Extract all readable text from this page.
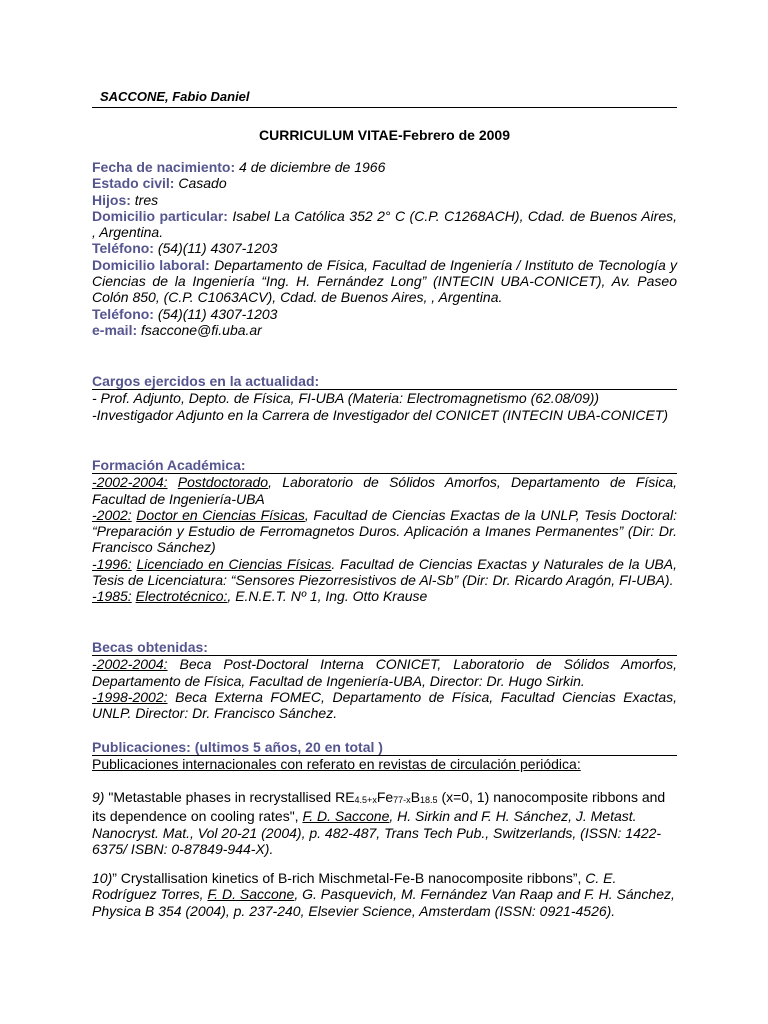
SACCONE, Fabio Daniel
CURRICULUM VITAE-Febrero de 2009

Fecha de nacimiento: 4 de diciembre de 1966

Estado civil: Casado

Hijos: tres

Domicilio particular: Isabel La Católica 352 2° C (C.P. C1268ACH), Cdad. de Buenos Aires, , Argentina.

Teléfono: (54)(11) 4307-1203

Domicilio laboral: Departamento de Física, Facultad de Ingeniería / Instituto de Tecnología y Ciencias de la Ingeniería “Ing. H. Fernández Long” (INTECIN UBA-CONICET), Av. Paseo Colón 850, (C.P. C1063ACV), Cdad. de Buenos Aires, , Argentina.

Teléfono: (54)(11) 4307-1203

e-mail: fsaccone@fi.uba.ar

Cargos ejercidos en la actualidad:

- Prof. Adjunto, Depto. de Física, FI-UBA (Materia: Electromagnetismo (62.08/09))

-Investigador Adjunto en la Carrera de Investigador del CONICET (INTECIN UBA-CONICET)

Formación Académica:

-2002-2004: Postdoctorado, Laboratorio de Sólidos Amorfos, Departamento de Física, Facultad de Ingeniería-UBA

-2002: Doctor en Ciencias Físicas, Facultad de Ciencias Exactas de la UNLP, Tesis Doctoral: “Preparación y Estudio de Ferromagnetos Duros. Aplicación a Imanes Permanentes” (Dir: Dr. Francisco Sánchez)

-1996: Licenciado en Ciencias Físicas. Facultad de Ciencias Exactas y Naturales de la UBA, Tesis de Licenciatura: “Sensores Piezorresistivos de Al-Sb” (Dir: Dr. Ricardo Aragón, FI-UBA).

-1985: Electrotécnico:, E.N.E.T. Nº 1, Ing. Otto Krause

Becas obtenidas:

-2002-2004: Beca Post-Doctoral Interna CONICET, Laboratorio de Sólidos Amorfos, Departamento de Física, Facultad de Ingeniería-UBA, Director: Dr. Hugo Sirkin.

-1998-2002: Beca Externa FOMEC, Departamento de Física, Facultad Ciencias Exactas, UNLP. Director: Dr. Francisco Sánchez.

Publicaciones: (ultimos 5 años, 20 en total )

Publicaciones internacionales con referato en revistas de circulación periódica:

9) "Metastable phases in recrystallised $RE_{4.5+x}Fe_{77-x}B_{18.5}$ (x=0, 1) nanocomposite ribbons and its dependence on cooling rates", F. D. Saccone, H. Sirkin and F. H. Sánchez, J. Metast. Nanocryst. Mat., Vol 20-21 (2004), p. 482-487, Trans Tech Pub., Switzerlands, (ISSN: 1422-6375/ ISBN: 0-87849-944-X).

10)” Crystallisation kinetics of B-rich Mischmetal-Fe-B nanocomposite ribbons”, C. E. Rodríguez Torres, F. D. Saccone, G. Pasquevich, M. Fernández Van Raap and F. H. Sánchez, Physica B 354 (2004), p. 237-240, Elsevier Science, Amsterdam (ISSN: 0921-4526).
